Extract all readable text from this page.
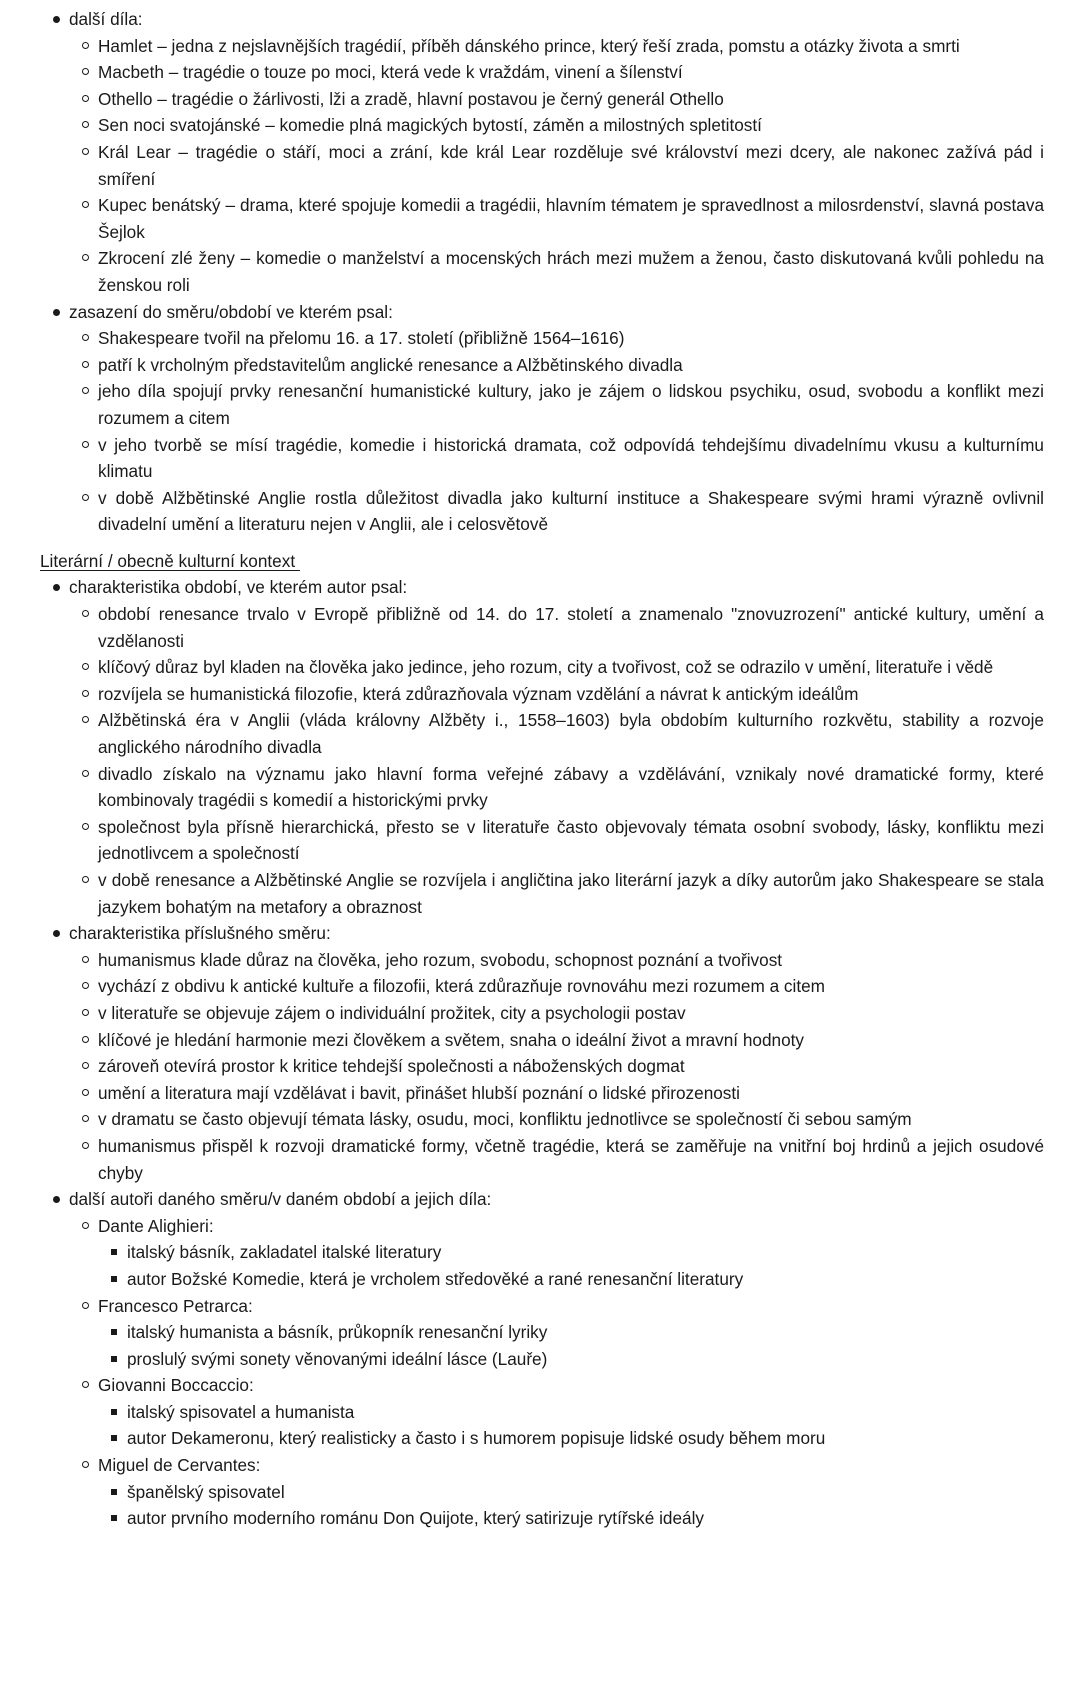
další díla:
Hamlet – jedna z nejslavnějších tragédií, příběh dánského prince, který řeší zrada, pomstu a otázky života a smrti
Macbeth – tragédie o touze po moci, která vede k vraždám, vinení a šílenství
Othello – tragédie o žárlivosti, lži a zradě, hlavní postavou je černý generál Othello
Sen noci svatojánské – komedie plná magických bytostí, záměn a milostných spletitostí
Král Lear – tragédie o stáří, moci a zrání, kde král Lear rozděluje své království mezi dcery, ale nakonec zažívá pád i smíření
Kupec benátský – drama, které spojuje komedii a tragédii, hlavním tématem je spravedlnost a milosrdenství, slavná postava Šejlok
Zkrocení zlé ženy – komedie o manželství a mocenských hrách mezi mužem a ženou, často diskutovaná kvůli pohledu na ženskou roli
zasazení do směru/období ve kterém psal:
Shakespeare tvořil na přelomu 16. a 17. století (přibližně 1564–1616)
patří k vrcholným představitelům anglické renesance a Alžbětinského divadla
jeho díla spojují prvky renesanční humanistické kultury, jako je zájem o lidskou psychiku, osud, svobodu a konflikt mezi rozumem a citem
v jeho tvorbě se mísí tragédie, komedie i historická dramata, což odpovídá tehdejšímu divadelnímu vkusu a kulturnímu klimatu
v době Alžbětinské Anglie rostla důležitost divadla jako kulturní instituce a Shakespeare svými hrami výrazně ovlivnil divadelní umění a literaturu nejen v Anglii, ale i celosvětově
Literární / obecně kulturní kontext
charakteristika období, ve kterém autor psal:
období renesance trvalo v Evropě přibližně od 14. do 17. století a znamenalo "znovuzrození" antické kultury, umění a vzdělanosti
klíčový důraz byl kladen na člověka jako jedince, jeho rozum, city a tvořivost, což se odrazilo v umění, literatuře i vědě
rozvíjela se humanistická filozofie, která zdůrazňovala význam vzdělání a návrat k antickým ideálům
Alžbětinská éra v Anglii (vláda královny Alžběty i., 1558–1603) byla obdobím kulturního rozkvětu, stability a rozvoje anglického národního divadla
divadlo získalo na významu jako hlavní forma veřejné zábavy a vzdělávání, vznikaly nové dramatické formy, které kombinovaly tragédii s komedií a historickými prvky
společnost byla přísně hierarchická, přesto se v literatuře často objevovaly témata osobní svobody, lásky, konfliktu mezi jednotlivcem a společností
v době renesance a Alžbětinské Anglie se rozvíjela i angličtina jako literární jazyk a díky autorům jako Shakespeare se stala jazykem bohatým na metafory a obraznost
charakteristika příslušného směru:
humanismus klade důraz na člověka, jeho rozum, svobodu, schopnost poznání a tvořivost
vychází z obdivu k antické kultuře a filozofii, která zdůrazňuje rovnováhu mezi rozumem a citem
v literatuře se objevuje zájem o individuální prožitek, city a psychologii postav
klíčové je hledání harmonie mezi člověkem a světem, snaha o ideální život a mravní hodnoty
zároveň otevírá prostor k kritice tehdejší společnosti a náboženských dogmat
umění a literatura mají vzdělávat i bavit, přinášet hlubší poznání o lidské přirozenosti
v dramatu se často objevují témata lásky, osudu, moci, konfliktu jednotlivce se společností či sebou samým
humanismus přispěl k rozvoji dramatické formy, včetně tragédie, která se zaměřuje na vnitřní boj hrdinů a jejich osudové chyby
další autoři daného směru/v daném období a jejich díla:
Dante Alighieri:
italský básník, zakladatel italské literatury
autor Božské Komedie, která je vrcholem středověké a rané renesanční literatury
Francesco Petrarca:
italský humanista a básník, průkopník renesanční lyriky
proslulý svými sonety věnovanými ideální lásce (Lauře)
Giovanni Boccaccio:
italský spisovatel a humanista
autor Dekameronu, který realisticky a často i s humorem popisuje lidské osudy během moru
Miguel de Cervantes:
španělský spisovatel
autor prvního moderního románu Don Quijote, který satirizuje rytířské ideály
